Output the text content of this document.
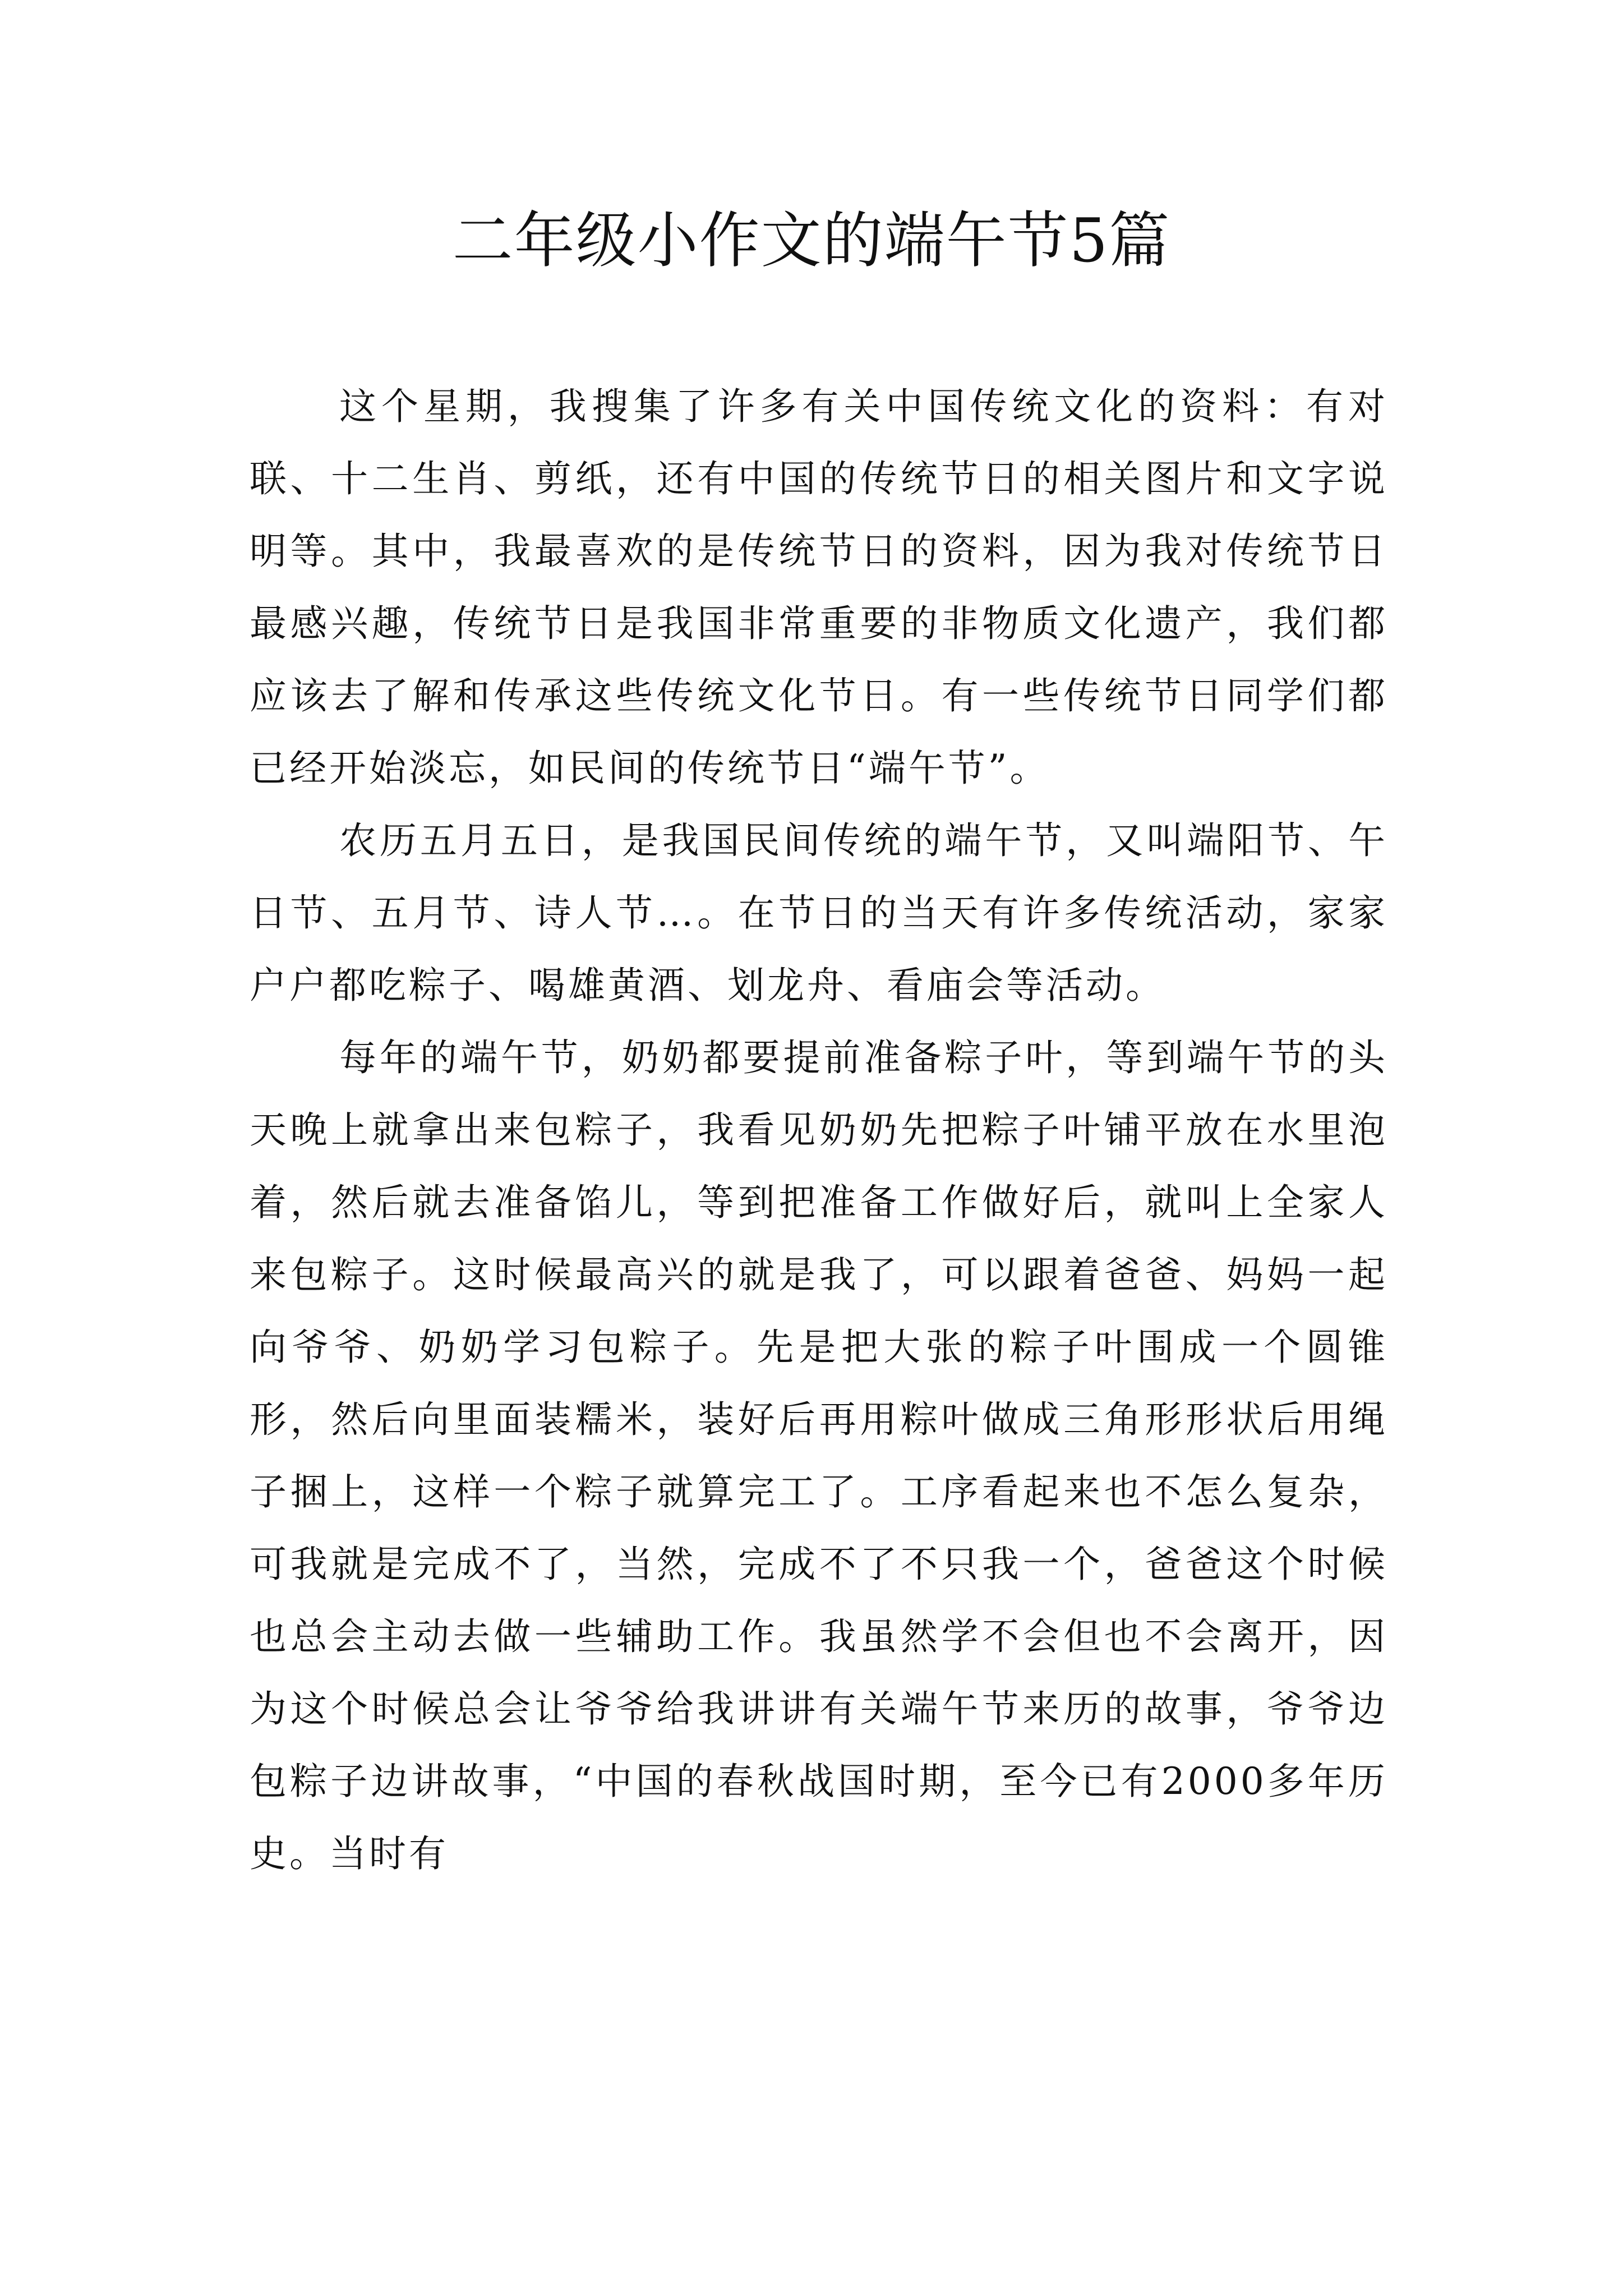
二年级小作文的端午节5篇

这个星期，我搜集了许多有关中国传统文化的资料：有对联、十二生肖、剪纸，还有中国的传统节日的相关图片和文字说明等。其中，我最喜欢的是传统节日的资料，因为我对传统节日最感兴趣，传统节日是我国非常重要的非物质文化遗产，我们都应该去了解和传承这些传统文化节日。有一些传统节日同学们都已经开始淡忘，如民间的传统节日“端午节”。

农历五月五日，是我国民间传统的端午节，又叫端阳节、午日节、五月节、诗人节…。在节日的当天有许多传统活动，家家户户都吃粽子、喝雄黄酒、划龙舟、看庙会等活动。

每年的端午节，奶奶都要提前准备粽子叶，等到端午节的头天晚上就拿出来包粽子，我看见奶奶先把粽子叶铺平放在水里泡着，然后就去准备馅儿，等到把准备工作做好后，就叫上全家人来包粽子。这时候最高兴的就是我了，可以跟着爸爸、妈妈一起向爷爷、奶奶学习包粽子。先是把大张的粽子叶围成一个圆锥形，然后向里面装糯米，装好后再用粽叶做成三角形形状后用绳子捆上，这样一个粽子就算完工了。工序看起来也不怎么复杂，可我就是完成不了，当然，完成不了不只我一个，爸爸这个时候也总会主动去做一些辅助工作。我虽然学不会但也不会离开，因为这个时候总会让爷爷给我讲讲有关端午节来历的故事，爷爷边包粽子边讲故事，“中国的春秋战国时期，至今已有2000多年历史。当时有
